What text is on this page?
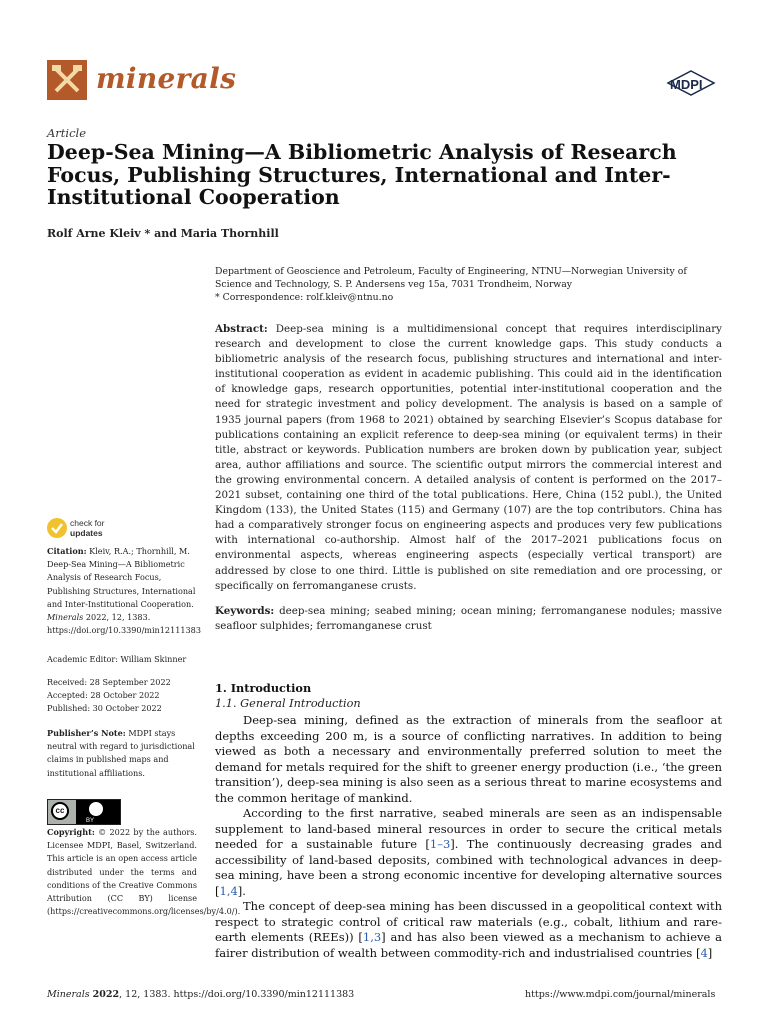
minerals	MDPI
Article
Deep-Sea Mining—A Bibliometric Analysis of Research Focus, Publishing Structures, International and Inter-Institutional Cooperation
Rolf Arne Kleiv * and Maria Thornhill
Department of Geoscience and Petroleum, Faculty of Engineering, NTNU—Norwegian University of Science and Technology, S. P. Andersens veg 15a, 7031 Trondheim, Norway
* Correspondence: rolf.kleiv@ntnu.no
Abstract: Deep-sea mining is a multidimensional concept that requires interdisciplinary research and development to close the current knowledge gaps. This study conducts a bibliometric analysis of the research focus, publishing structures and international and inter-institutional cooperation as evident in academic publishing. This could aid in the identification of knowledge gaps, research opportunities, potential inter-institutional cooperation and the need for strategic investment and policy development. The analysis is based on a sample of 1935 journal papers (from 1968 to 2021) obtained by searching Elsevier’s Scopus database for publications containing an explicit reference to deep-sea mining (or equivalent terms) in their title, abstract or keywords. Publication numbers are broken down by publication year, subject area, author affiliations and source. The scientific output mirrors the commercial interest and the growing environmental concern. A detailed analysis of content is performed on the 2017–2021 subset, containing one third of the total publications. Here, China (152 publ.), the United Kingdom (133), the United States (115) and Germany (107) are the top contributors. China has had a comparatively stronger focus on engineering aspects and produces very few publications with international co-authorship. Almost half of the 2017–2021 publications focus on environmental aspects, whereas engineering aspects (especially vertical transport) are addressed by close to one third. Little is published on site remediation and ore processing, or specifically on ferromanganese crusts.
Keywords: deep-sea mining; seabed mining; ocean mining; ferromanganese nodules; massive seafloor sulphides; ferromanganese crust
check for
updates
Citation: Kleiv, R.A.; Thornhill, M. Deep-Sea Mining—A Bibliometric Analysis of Research Focus, Publishing Structures, International and Inter-Institutional Cooperation. Minerals 2022, 12, 1383. https://doi.org/10.3390/min12111383
Academic Editor: William Skinner
Received: 28 September 2022
Accepted: 28 October 2022
Published: 30 October 2022
Publisher’s Note: MDPI stays neutral with regard to jurisdictional claims in published maps and institutional affiliations.
cc
BY
Copyright: © 2022 by the authors. Licensee MDPI, Basel, Switzerland. This article is an open access article distributed under the terms and conditions of the Creative Commons Attribution (CC BY) license (https://creativecommons.org/licenses/by/4.0/).
1. Introduction
1.1. General Introduction

Deep-sea mining, defined as the extraction of minerals from the seafloor at depths exceeding 200 m, is a source of conflicting narratives. In addition to being viewed as both a necessary and environmentally preferred solution to meet the demand for metals required for the shift to greener energy production (i.e., ‘the green transition’), deep-sea mining is also seen as a serious threat to marine ecosystems and the common heritage of mankind.

According to the first narrative, seabed minerals are seen as an indispensable supplement to land-based mineral resources in order to secure the critical metals needed for a sustainable future [1–3]. The continuously decreasing grades and accessibility of land-based deposits, combined with technological advances in deep-sea mining, have been a strong economic incentive for developing alternative sources [1,4].

The concept of deep-sea mining has been discussed in a geopolitical context with respect to strategic control of critical raw materials (e.g., cobalt, lithium and rare-earth elements (REEs)) [1,3] and has also been viewed as a mechanism to achieve a fairer distribution of wealth between commodity-rich and industrialised countries [4]

Minerals 2022, 12, 1383. https://doi.org/10.3390/min12111383	https://www.mdpi.com/journal/minerals
